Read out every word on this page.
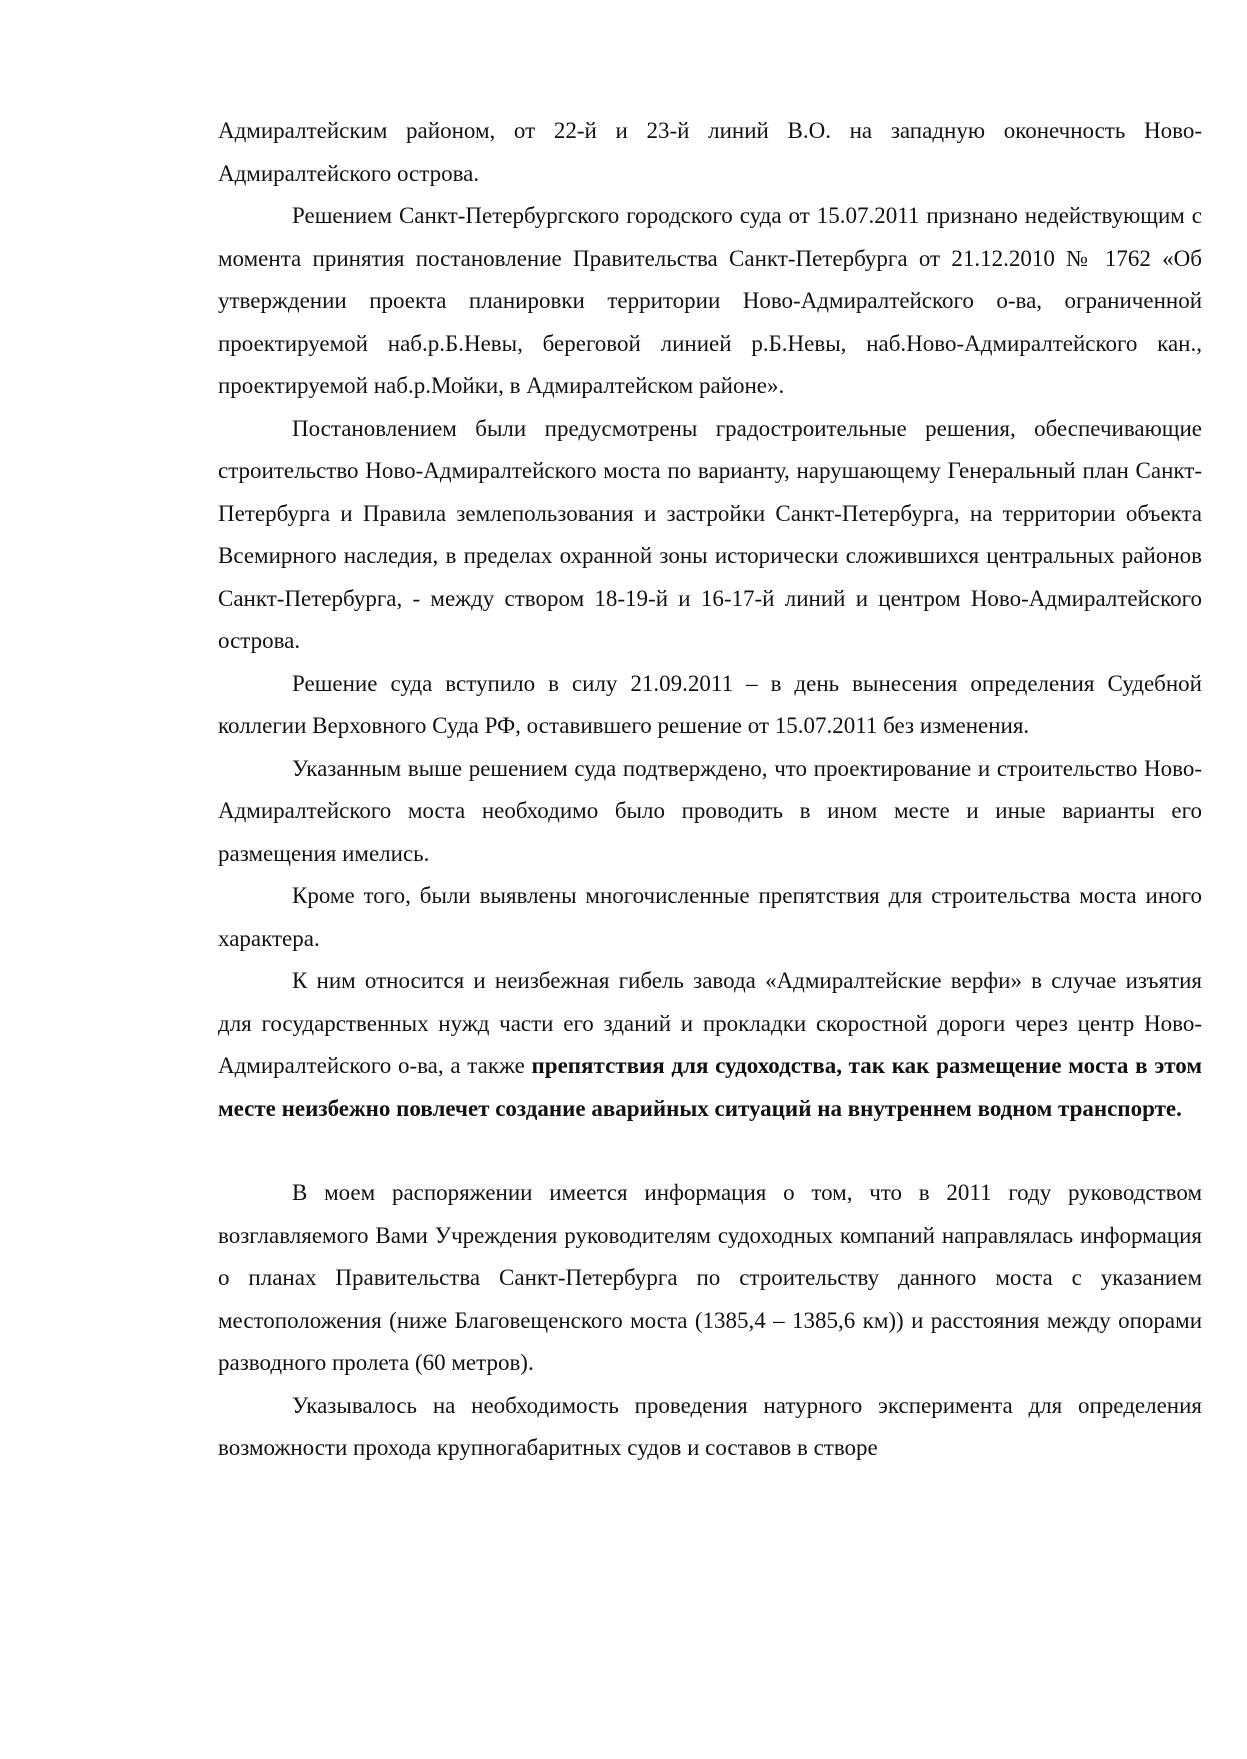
Адмиралтейским районом, от 22-й и 23-й линий В.О. на западную оконечность Ново-Адмиралтейского острова.

Решением Санкт-Петербургского городского суда от 15.07.2011 признано недействующим с момента принятия постановление Правительства Санкт-Петербурга от 21.12.2010 № 1762 «Об утверждении проекта планировки территории Ново-Адмиралтейского о-ва, ограниченной проектируемой наб.р.Б.Невы, береговой линией р.Б.Невы, наб.Ново-Адмиралтейского кан., проектируемой наб.р.Мойки, в Адмиралтейском районе».

Постановлением были предусмотрены градостроительные решения, обеспечивающие строительство Ново-Адмиралтейского моста по варианту, нарушающему Генеральный план Санкт-Петербурга и Правила землепользования и застройки Санкт-Петербурга, на территории объекта Всемирного наследия, в пределах охранной зоны исторически сложившихся центральных районов Санкт-Петербурга, - между створом 18-19-й и 16-17-й линий и центром Ново-Адмиралтейского острова.

Решение суда вступило в силу 21.09.2011 – в день вынесения определения Судебной коллегии Верховного Суда РФ, оставившего решение от 15.07.2011 без изменения.

Указанным выше решением суда подтверждено, что проектирование и строительство Ново-Адмиралтейского моста необходимо было проводить в ином месте и иные варианты его размещения имелись.

Кроме того, были выявлены многочисленные препятствия для строительства моста иного характера.

К ним относится и неизбежная гибель завода «Адмиралтейские верфи» в случае изъятия для государственных нужд части его зданий и прокладки скоростной дороги через центр Ново-Адмиралтейского о-ва, а также препятствия для судоходства, так как размещение моста в этом месте неизбежно повлечет создание аварийных ситуаций на внутреннем водном транспорте.

В моем распоряжении имеется информация о том, что в 2011 году руководством возглавляемого Вами Учреждения руководителям судоходных компаний направлялась информация о планах Правительства Санкт-Петербурга по строительству данного моста с указанием местоположения (ниже Благовещенского моста (1385,4 – 1385,6 км)) и расстояния между опорами разводного пролета (60 метров).

Указывалось на необходимость проведения натурного эксперимента для определения возможности прохода крупногабаритных судов и составов в створе
